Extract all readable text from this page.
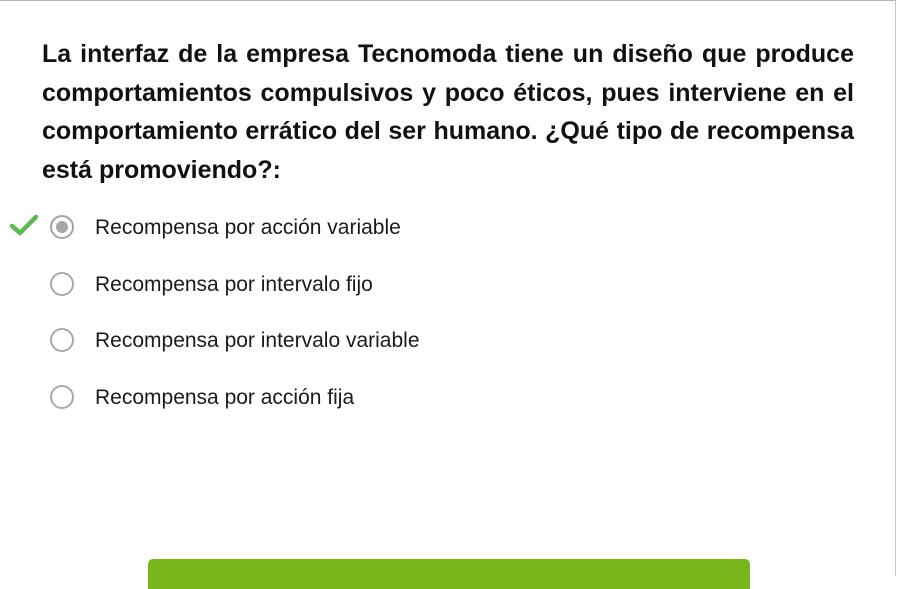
La interfaz de la empresa Tecnomoda tiene un diseño que produce comportamientos compulsivos y poco éticos, pues interviene en el comportamiento errático del ser humano. ¿Qué tipo de recompensa está promoviendo?:

Recompensa por acción variable
Recompensa por intervalo fijo
Recompensa por intervalo variable
Recompensa por acción fija
